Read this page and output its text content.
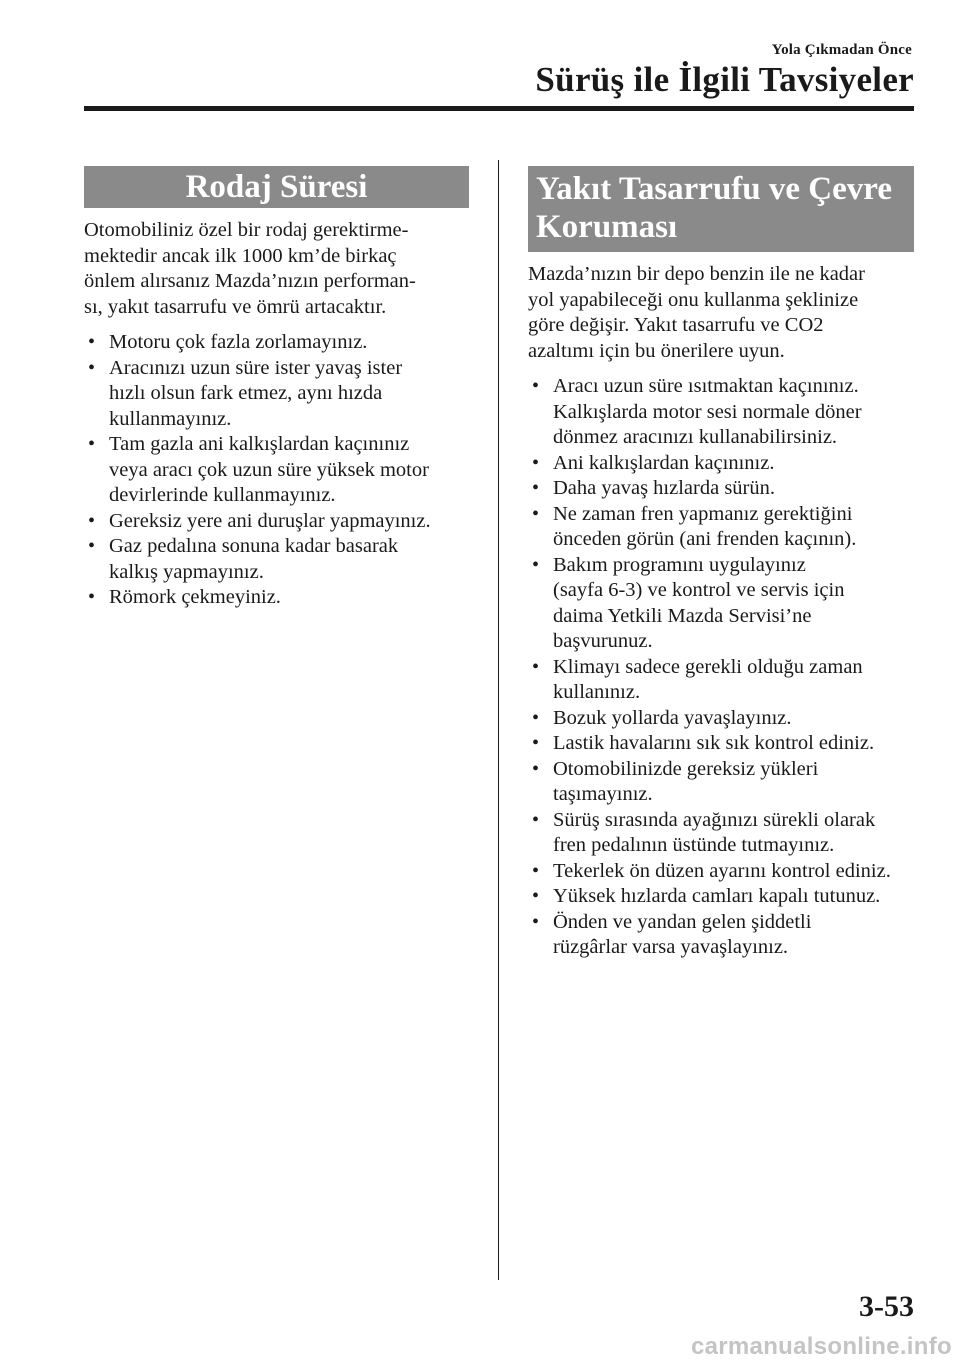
Yola Çıkmadan Önce
Sürüş ile İlgili Tavsiyeler
Rodaj Süresi

Otomobiliniz özel bir rodaj gerektirme-
mektedir ancak ilk 1000 km’de birkaç
önlem alırsanız Mazda’nızın performan-
sı, yakıt tasarrufu ve ömrü artacaktır.

• Motoru çok fazla zorlamayınız.
• Aracınızı uzun süre ister yavaş ister
hızlı olsun fark etmez, aynı hızda
kullanmayınız.
• Tam gazla ani kalkışlardan kaçınınız
veya aracı çok uzun süre yüksek motor
devirlerinde kullanmayınız.
• Gereksiz yere ani duruşlar yapmayınız.
• Gaz pedalına sonuna kadar basarak
kalkış yapmayınız.
• Römork çekmeyiniz.
Yakıt Tasarrufu ve Çevre
Koruması

Mazda’nızın bir depo benzin ile ne kadar
yol yapabileceği onu kullanma şeklinize
göre değişir. Yakıt tasarrufu ve CO2
azaltımı için bu önerilere uyun.

• Aracı uzun süre ısıtmaktan kaçınınız.
Kalkışlarda motor sesi normale döner
dönmez aracınızı kullanabilirsiniz.
• Ani kalkışlardan kaçınınız.
• Daha yavaş hızlarda sürün.
• Ne zaman fren yapmanız gerektiğini
önceden görün (ani frenden kaçının).
• Bakım programını uygulayınız
(sayfa 6-3) ve kontrol ve servis için
daima Yetkili Mazda Servisi’ne
başvurunuz.
• Klimayı sadece gerekli olduğu zaman
kullanınız.
• Bozuk yollarda yavaşlayınız.
• Lastik havalarını sık sık kontrol ediniz.
• Otomobilinizde gereksiz yükleri
taşımayınız.
• Sürüş sırasında ayağınızı sürekli olarak
fren pedalının üstünde tutmayınız.
• Tekerlek ön düzen ayarını kontrol ediniz.
• Yüksek hızlarda camları kapalı tutunuz.
• Önden ve yandan gelen şiddetli
rüzgârlar varsa yavaşlayınız.
3-53
carmanualsonline.info
